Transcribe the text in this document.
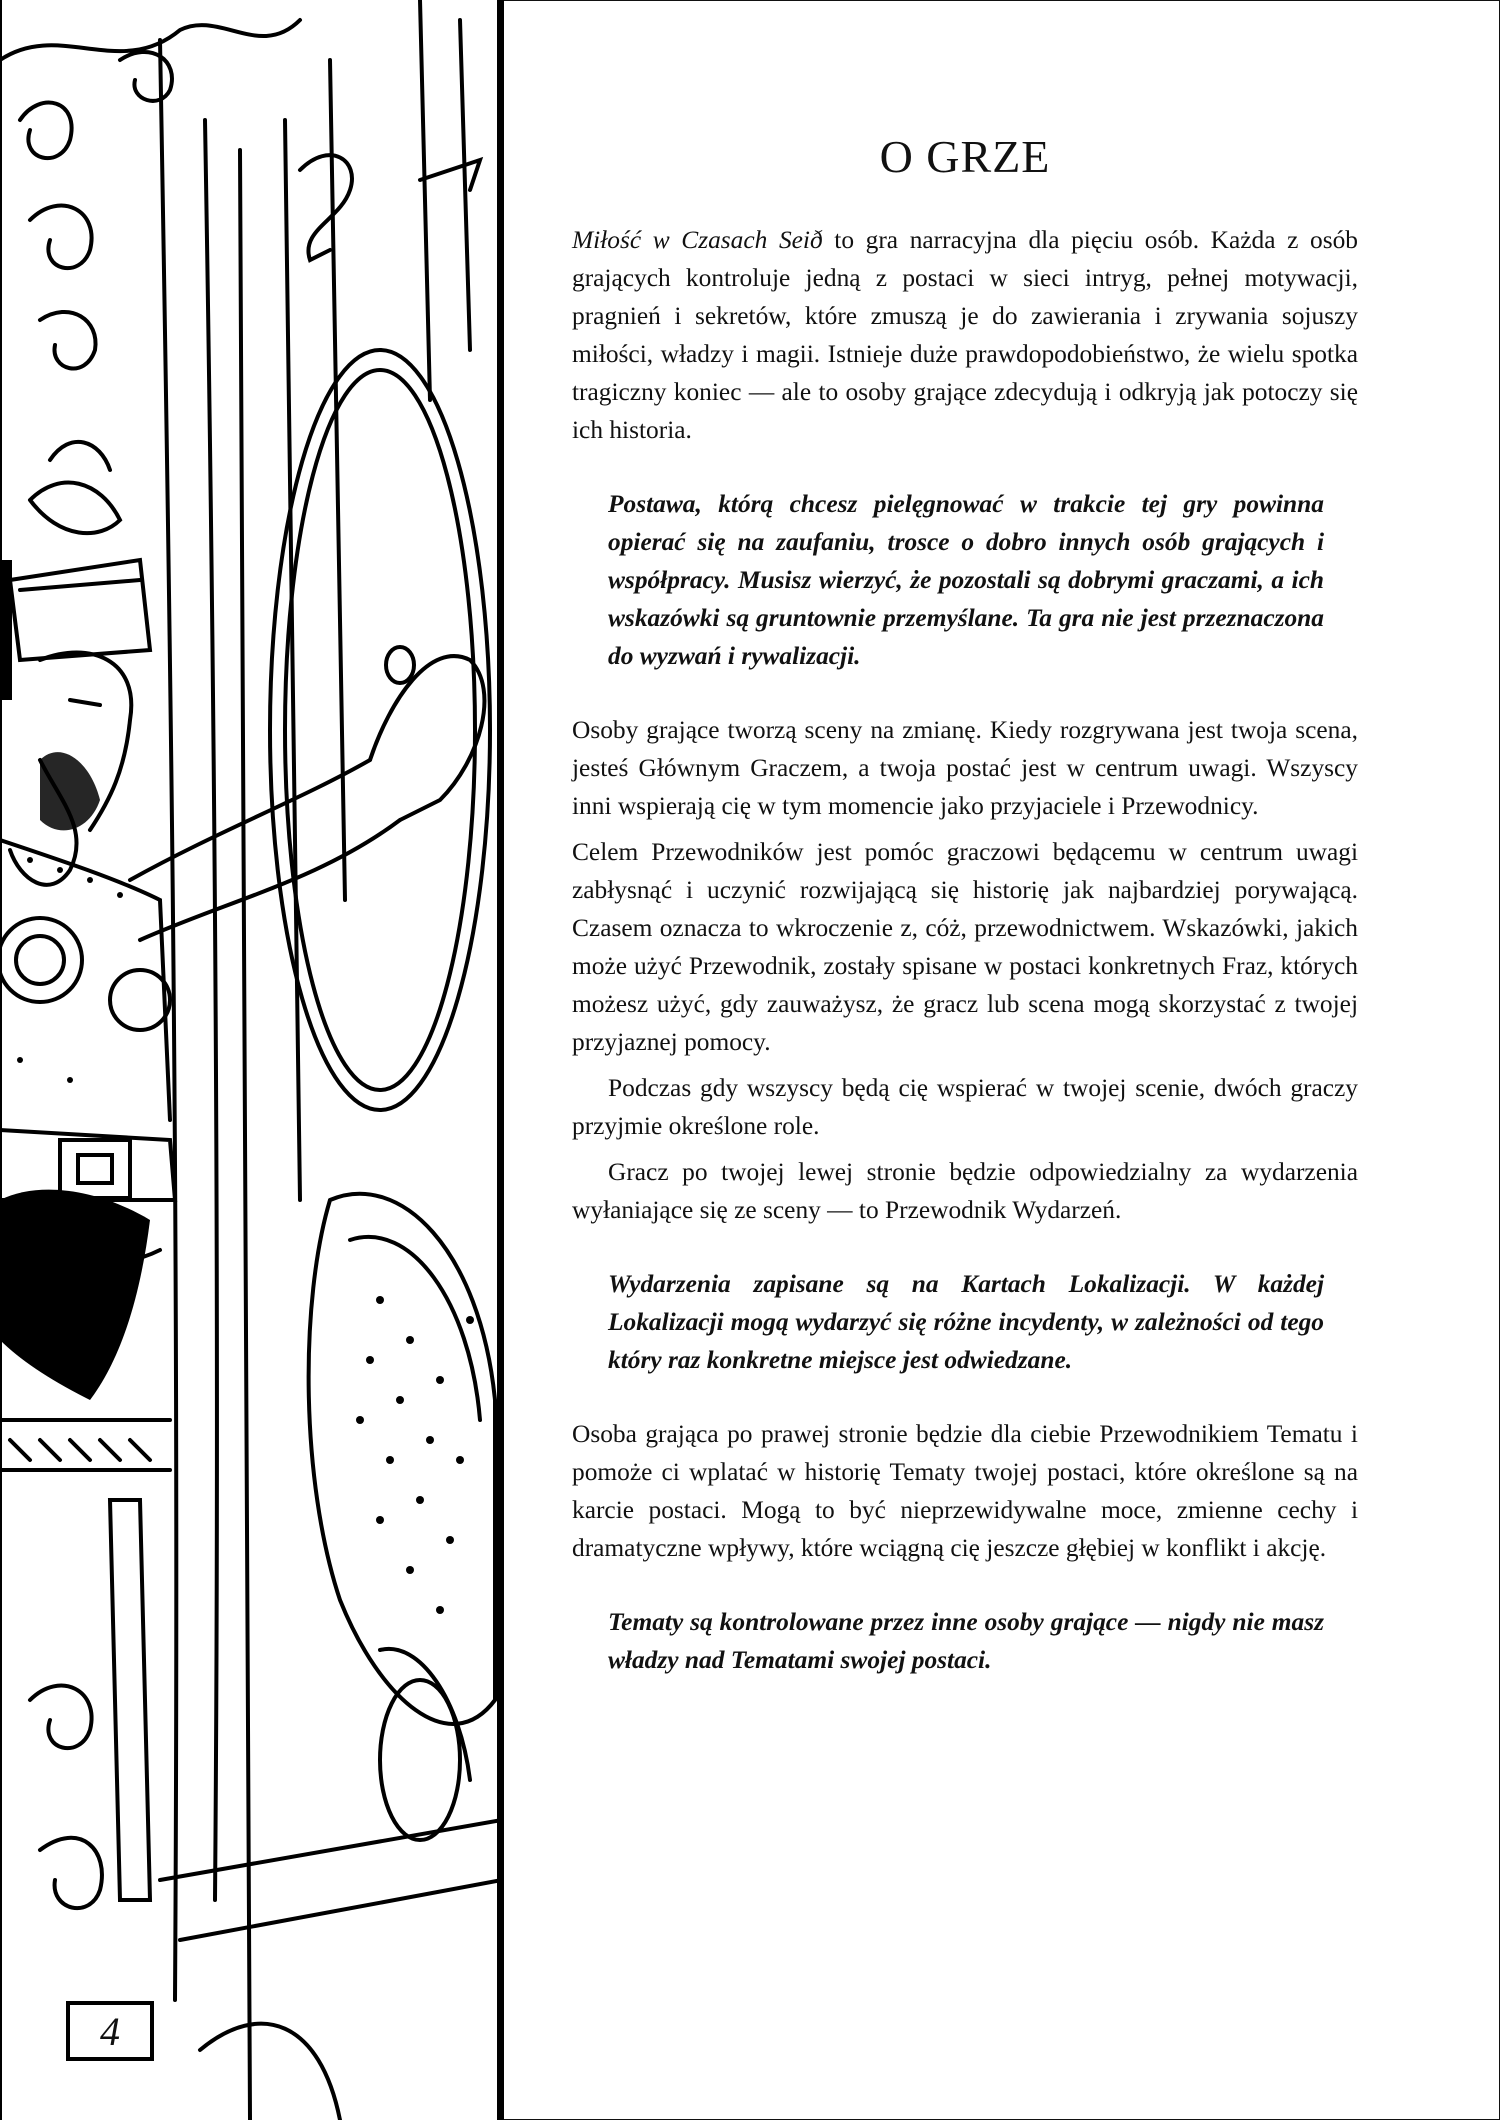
4
O GRZE

Miłość w Czasach Seið to gra narracyjna dla pięciu osób. Każda z osób grających kontroluje jedną z postaci w sieci intryg, pełnej motywacji, pragnień i sekretów, które zmuszą je do zawierania i zrywania sojuszy miłości, władzy i magii. Istnieje duże prawdopodobieństwo, że wielu spotka tragiczny koniec — ale to osoby grające zdecydują i odkryją jak potoczy się ich historia.

Postawa, którą chcesz pielęgnować w trakcie tej gry powinna opierać się na zaufaniu, trosce o dobro innych osób grających i współpracy. Musisz wierzyć, że pozostali są dobrymi graczami, a ich wskazówki są gruntownie przemyślane. Ta gra nie jest przeznaczona do wyzwań i rywalizacji.

Osoby grające tworzą sceny na zmianę. Kiedy rozgrywana jest twoja scena, jesteś Głównym Graczem, a twoja postać jest w centrum uwagi. Wszyscy inni wspierają cię w tym momencie jako przyjaciele i Przewodnicy.

Celem Przewodników jest pomóc graczowi będącemu w centrum uwagi zabłysnąć i uczynić rozwijającą się historię jak najbardziej porywającą. Czasem oznacza to wkroczenie z, cóż, przewodnictwem. Wskazówki, jakich może użyć Przewodnik, zostały spisane w postaci konkretnych Fraz, których możesz użyć, gdy zauważysz, że gracz lub scena mogą skorzystać z twojej przyjaznej pomocy.

Podczas gdy wszyscy będą cię wspierać w twojej scenie, dwóch graczy przyjmie określone role.

Gracz po twojej lewej stronie będzie odpowiedzialny za wydarzenia wyłaniające się ze sceny — to Przewodnik Wydarzeń.

Wydarzenia zapisane są na Kartach Lokalizacji. W każdej Lokalizacji mogą wydarzyć się różne incydenty, w zależności od tego który raz konkretne miejsce jest odwiedzane.

Osoba grająca po prawej stronie będzie dla ciebie Przewodnikiem Tematu i pomoże ci wplatać w historię Tematy twojej postaci, które określone są na karcie postaci. Mogą to być nieprzewidywalne moce, zmienne cechy i dramatyczne wpływy, które wciągną cię jeszcze głębiej w konflikt i akcję.

Tematy są kontrolowane przez inne osoby grające — nigdy nie masz władzy nad Tematami swojej postaci.
